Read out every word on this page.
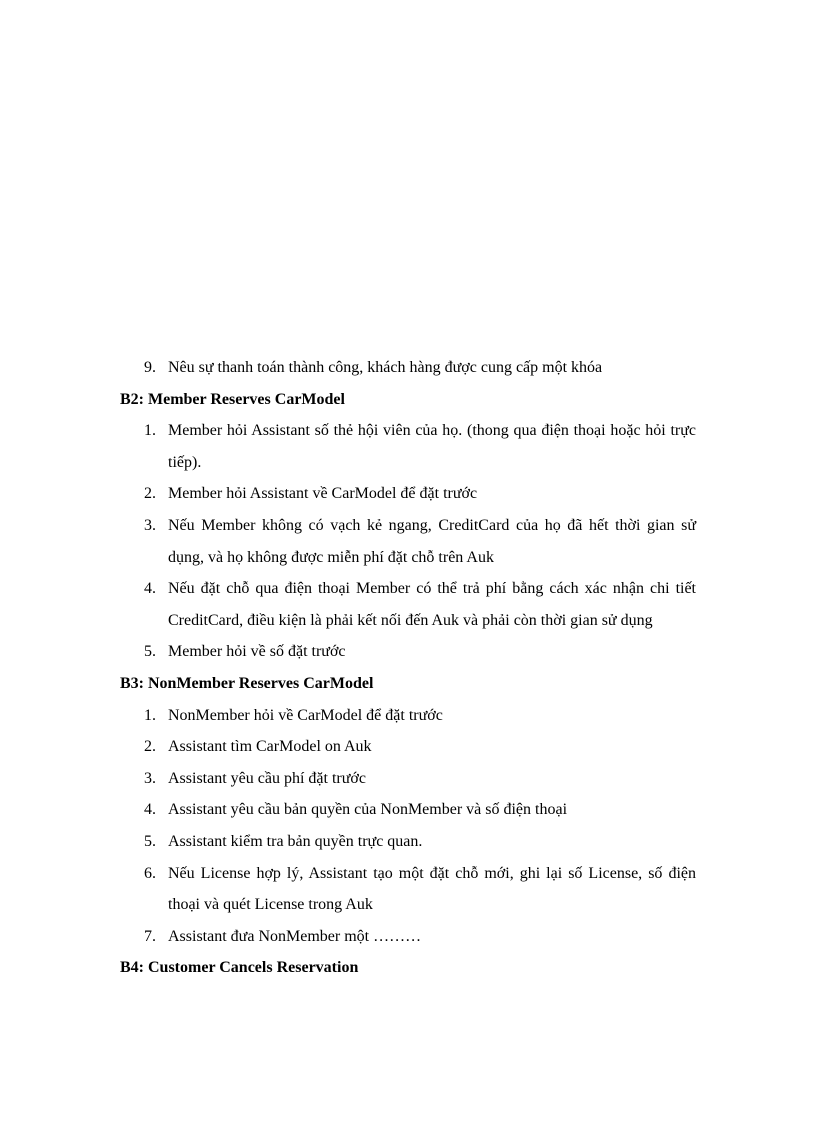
9. Nêu sự thanh toán thành công, khách hàng được cung cấp một khóa
B2: Member Reserves CarModel
1. Member hỏi Assistant số thẻ hội viên của họ. (thong qua điện thoại hoặc hỏi trực tiếp).
2. Member hỏi Assistant về CarModel để đặt trước
3. Nếu Member không có vạch kẻ ngang, CreditCard của họ đã hết thời gian sử dụng, và họ không được miễn phí đặt chỗ trên Auk
4. Nếu đặt chỗ qua điện thoại Member có thể trả phí bằng cách xác nhận chi tiết CreditCard, điều kiện là phải kết nối đến Auk và phải còn thời gian sử dụng
5. Member hỏi về số đặt trước
B3: NonMember Reserves CarModel
1. NonMember hỏi về CarModel để đặt trước
2. Assistant tìm CarModel on Auk
3. Assistant yêu cầu phí đặt trước
4. Assistant yêu cầu bản quyền của NonMember và số điện thoại
5. Assistant kiểm tra bản quyền trực quan.
6. Nếu License hợp lý, Assistant tạo một đặt chỗ mới, ghi lại số License, số điện thoại và quét License trong Auk
7. Assistant đưa NonMember một ………
B4: Customer Cancels Reservation
